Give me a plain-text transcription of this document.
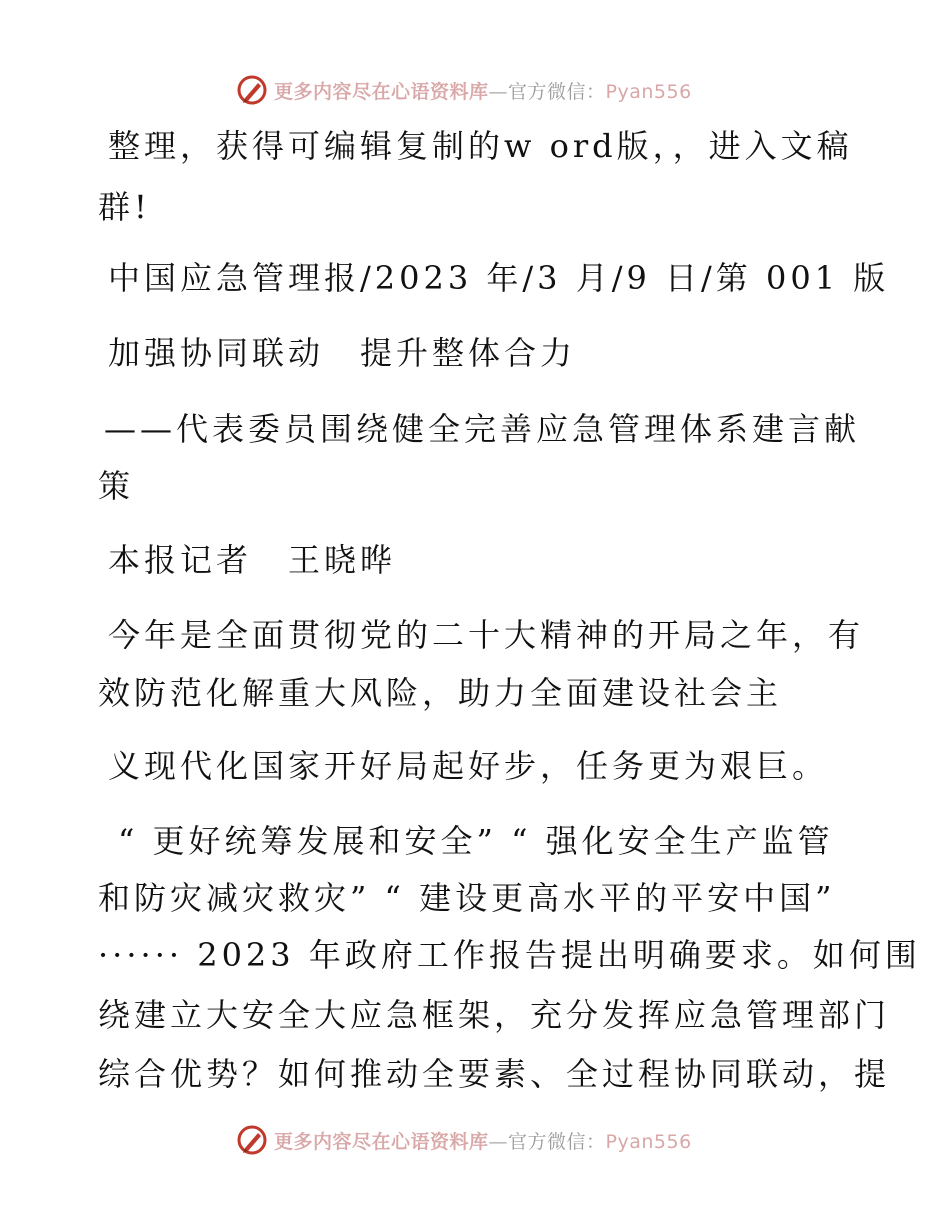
更多内容尽在心语资料库—官方微信：Pyan556
整理，获得可编辑复制的w ord版，，进入文稿
群!
中国应急管理报/2023 年/3 月/9 日/第 001 版
加强协同联动　提升整体合力
——代表委员围绕健全完善应急管理体系建言献
策
本报记者　王晓晔
今年是全面贯彻党的二十大精神的开局之年，有
效防范化解重大风险，助力全面建设社会主
义现代化国家开好局起好步，任务更为艰巨。
“ 更好统筹发展和安全” “ 强化安全生产监管
和防灾减灾救灾” “ 建设更高水平的平安中国”
······ 2023 年政府工作报告提出明确要求。如何围
绕建立大安全大应急框架，充分发挥应急管理部门
综合优势？如何推动全要素、全过程协同联动，提
更多内容尽在心语资料库—官方微信：Pyan556
